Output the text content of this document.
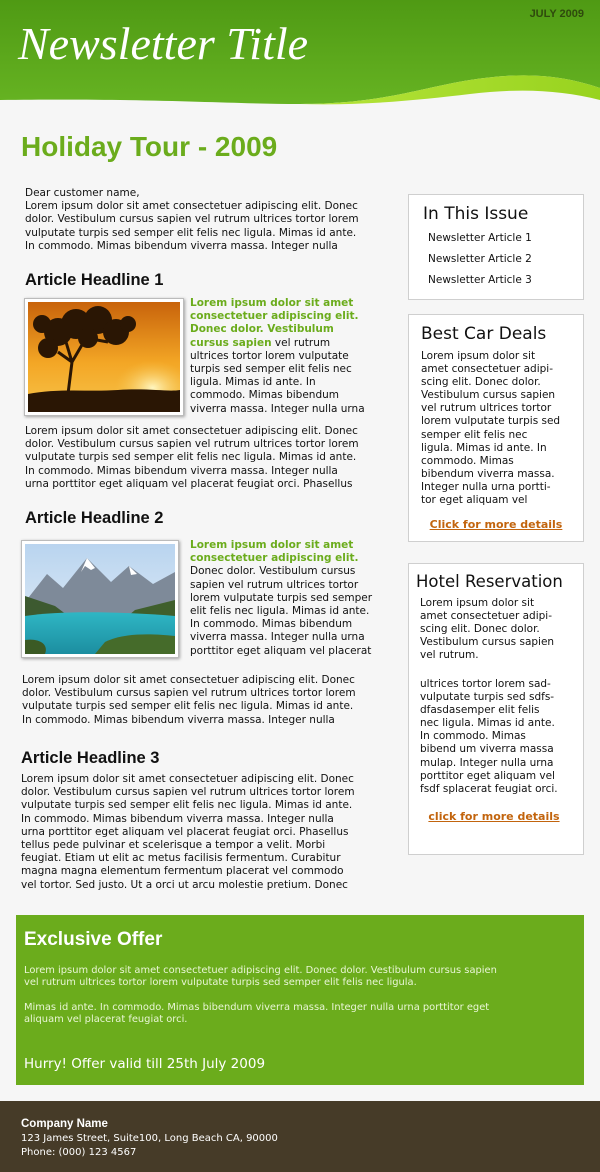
JULY 2009
Newsletter Title
Holiday Tour - 2009
Dear customer name,
Lorem ipsum dolor sit amet consectetuer adipiscing elit. Donec
dolor. Vestibulum cursus sapien vel rutrum ultrices tortor lorem
vulputate turpis sed semper elit felis nec ligula. Mimas id ante.
In commodo. Mimas bibendum viverra massa. Integer nulla
Article Headline 1
Lorem ipsum dolor sit amet
consectetuer adipiscing elit.
Donec dolor. Vestibulum
cursus sapien vel rutrum
ultrices tortor lorem vulputate
turpis sed semper elit felis nec
ligula. Mimas id ante. In
commodo. Mimas bibendum
viverra massa. Integer nulla urna
Lorem ipsum dolor sit amet consectetuer adipiscing elit. Donec
dolor. Vestibulum cursus sapien vel rutrum ultrices tortor lorem
vulputate turpis sed semper elit felis nec ligula. Mimas id ante.
In commodo. Mimas bibendum viverra massa. Integer nulla
urna porttitor eget aliquam vel placerat feugiat orci. Phasellus
Article Headline 2
Lorem ipsum dolor sit amet
consectetuer adipiscing elit.
Donec dolor. Vestibulum cursus
sapien vel rutrum ultrices tortor
lorem vulputate turpis sed semper
elit felis nec ligula. Mimas id ante.
In commodo. Mimas bibendum
viverra massa. Integer nulla urna
porttitor eget aliquam vel placerat
Lorem ipsum dolor sit amet consectetuer adipiscing elit. Donec
dolor. Vestibulum cursus sapien vel rutrum ultrices tortor lorem
vulputate turpis sed semper elit felis nec ligula. Mimas id ante.
In commodo. Mimas bibendum viverra massa. Integer nulla
Article Headline 3
Lorem ipsum dolor sit amet consectetuer adipiscing elit. Donec
dolor. Vestibulum cursus sapien vel rutrum ultrices tortor lorem
vulputate turpis sed semper elit felis nec ligula. Mimas id ante.
In commodo. Mimas bibendum viverra massa. Integer nulla
urna porttitor eget aliquam vel placerat feugiat orci. Phasellus
tellus pede pulvinar et scelerisque a tempor a velit. Morbi
feugiat. Etiam ut elit ac metus facilisis fermentum. Curabitur
magna magna elementum fermentum placerat vel commodo
vel tortor. Sed justo. Ut a orci ut arcu molestie pretium. Donec
In This Issue
Newsletter Article 1
Newsletter Article 2
Newsletter Article 3
Best Car Deals
Lorem ipsum dolor sit
amet consectetuer adipi-
scing elit. Donec dolor.
Vestibulum cursus sapien
vel rutrum ultrices tortor
lorem vulputate turpis sed
semper elit felis nec
ligula. Mimas id ante. In
commodo. Mimas
bibendum viverra massa.
Integer nulla urna portti-
tor eget aliquam vel
Click for more details
Hotel Reservation
Lorem ipsum dolor sit
amet consectetuer adipi-
scing elit. Donec dolor.
Vestibulum cursus sapien
vel rutrum.
ultrices tortor lorem sad-
vulputate turpis sed sdfs-
dfasdasemper elit felis
nec ligula. Mimas id ante.
In commodo. Mimas
bibend um viverra massa
mulap. Integer nulla urna
porttitor eget aliquam vel
fsdf splacerat feugiat orci.
click for more details
Exclusive Offer
Lorem ipsum dolor sit amet consectetuer adipiscing elit. Donec dolor. Vestibulum cursus sapien
vel rutrum ultrices tortor lorem vulputate turpis sed semper elit felis nec ligula.
Mimas id ante. In commodo. Mimas bibendum viverra massa. Integer nulla urna porttitor eget
aliquam vel placerat feugiat orci.
Hurry! Offer valid till 25th July 2009
Company Name
123 James Street, Suite100, Long Beach CA, 90000
Phone: (000) 123 4567
